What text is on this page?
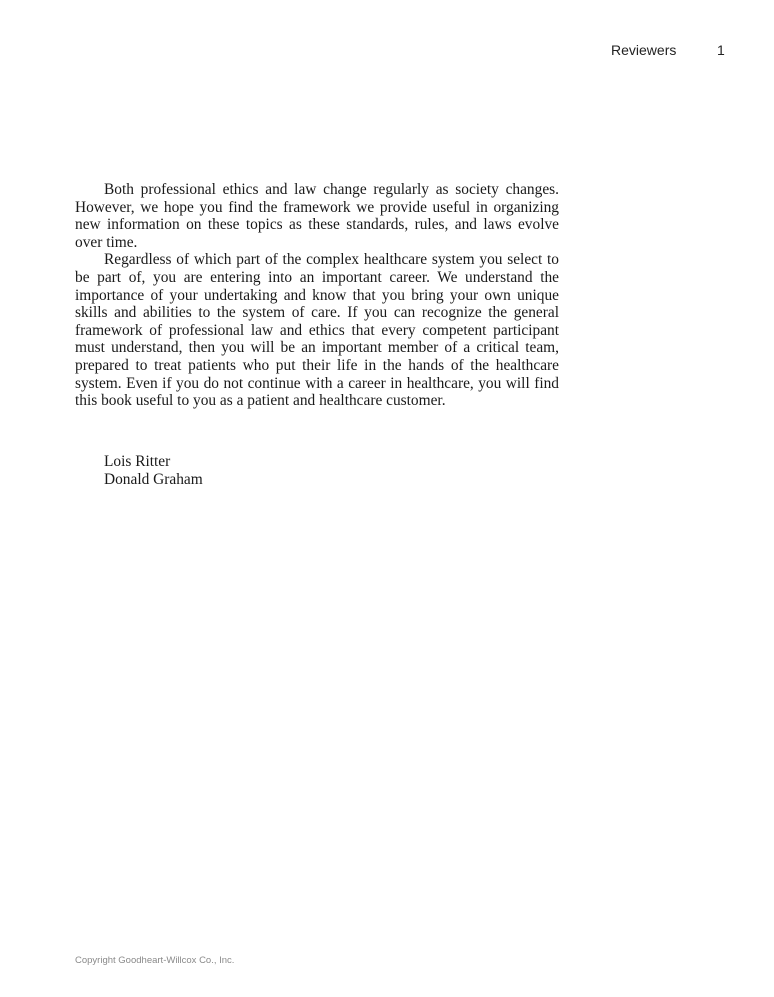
Reviewers	1

Both professional ethics and law change regularly as society changes. However, we hope you find the framework we provide useful in organizing new information on these topics as these standards, rules, and laws evolve over time.

Regardless of which part of the complex healthcare system you select to be part of, you are entering into an important career. We understand the importance of your undertaking and know that you bring your own unique skills and abilities to the system of care. If you can recognize the general framework of professional law and ethics that every competent participant must understand, then you will be an important member of a critical team, prepared to treat patients who put their life in the hands of the healthcare system. Even if you do not continue with a career in healthcare, you will find this book useful to you as a patient and healthcare customer.

Lois Ritter
Donald Graham
Copyright Goodheart-Willcox Co., Inc.
